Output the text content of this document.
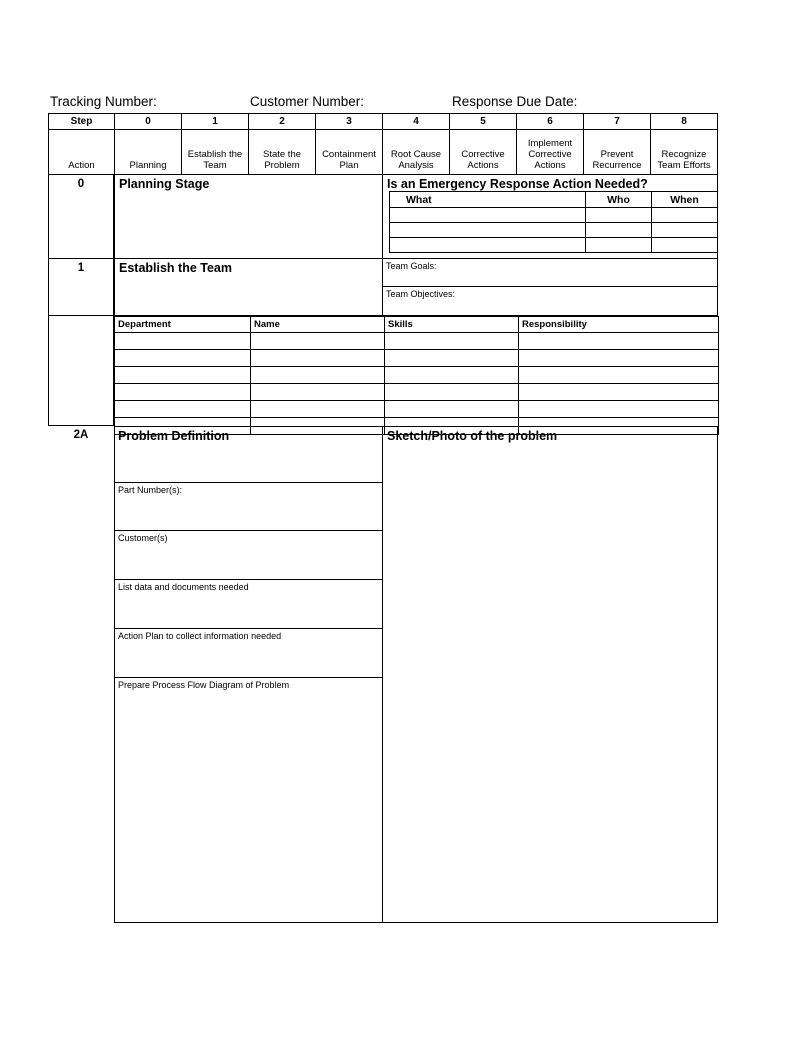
Tracking Number:	Customer Number:	Response Due Date:
Step	0	1	2	3	4	5	6	7	8
Action	Planning	Establish the Team	State the Problem	Containment Plan	Root Cause Analysis	Corrective Actions	Implement Corrective Actions	Prevent Recurrence	Recognize Team Efforts
0	Planning Stage	Is an Emergency Response Action Needed?
What	Who	When

1	Establish the Team	Team Goals:
Team Objectives:
Department	Name	Skills	Responsibility

2A	Problem Definition
Part Number(s):
Customer(s)
List data and documents needed
Action Plan to collect information needed
Prepare Process Flow Diagram of Problem
Sketch/Photo of the problem
